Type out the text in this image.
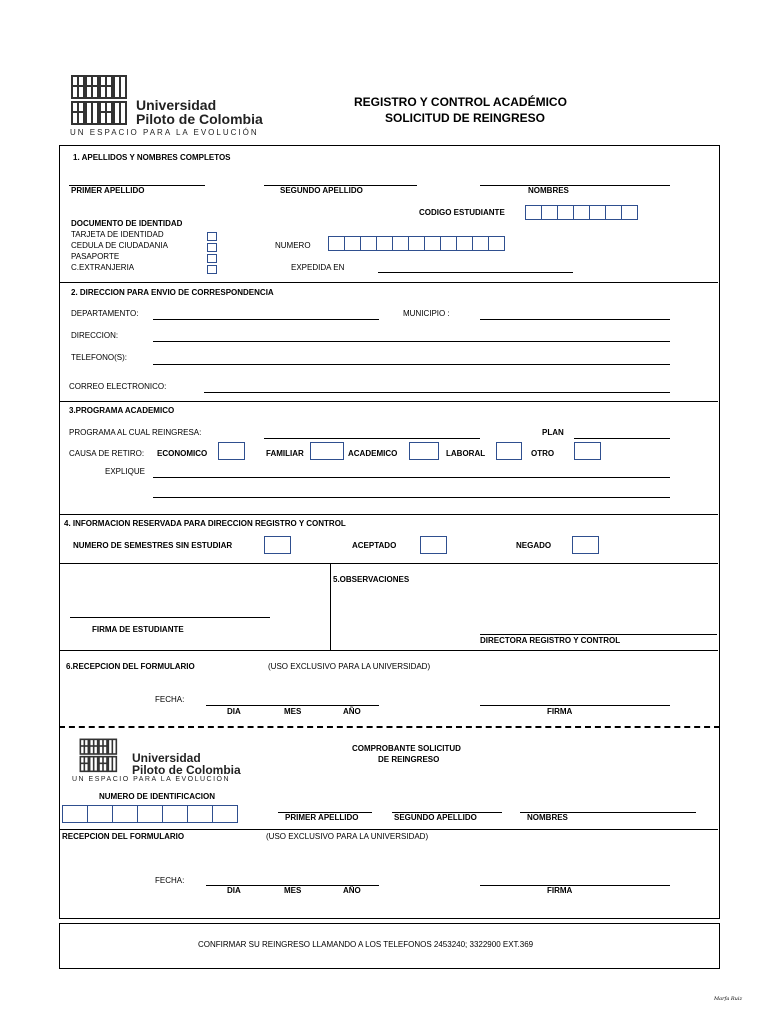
Universidad
Piloto de Colombia
UN ESPACIO PARA LA EVOLUCIÓN
REGISTRO Y CONTROL ACADÉMICO
SOLICITUD DE REINGRESO
1. APELLIDOS Y NOMBRES COMPLETOS
PRIMER APELLIDO	SEGUNDO APELLIDO	NOMBRES
CODIGO ESTUDIANTE
DOCUMENTO DE IDENTIDAD
TARJETA DE IDENTIDAD
CEDULA DE CIUDADANIA
PASAPORTE
C.EXTRANJERIA
NUMERO
EXPEDIDA EN
2. DIRECCION PARA ENVIO DE CORRESPONDENCIA
DEPARTAMENTO:	MUNICIPIO :
DIRECCION:
TELEFONO(S):
CORREO ELECTRONICO:
3.PROGRAMA ACADEMICO
PROGRAMA AL CUAL REINGRESA:	PLAN
CAUSA DE RETIRO: ECONOMICO	FAMILIAR	ACADEMICO	LABORAL	OTRO
EXPLIQUE
4. INFORMACION RESERVADA PARA DIRECCION REGISTRO Y CONTROL
NUMERO DE SEMESTRES SIN ESTUDIAR	ACEPTADO	NEGADO
5.OBSERVACIONES
FIRMA DE ESTUDIANTE
DIRECTORA REGISTRO Y CONTROL
6.RECEPCION DEL FORMULARIO	(USO EXCLUSIVO PARA LA UNIVERSIDAD)
FECHA:
DIA	MES	AÑO	FIRMA
Universidad
Piloto de Colombia
UN ESPACIO PARA LA EVOLUCIÓN
COMPROBANTE SOLICITUD
DE REINGRESO
NUMERO DE IDENTIFICACION
PRIMER APELLIDO	SEGUNDO APELLIDO	NOMBRES
RECEPCION DEL FORMULARIO	(USO EXCLUSIVO PARA LA UNIVERSIDAD)
FECHA:
DIA	MES	AÑO	FIRMA
CONFIRMAR SU REINGRESO LLAMANDO A LOS TELEFONOS 2453240; 3322900 EXT.369
Marfa Ruiz
